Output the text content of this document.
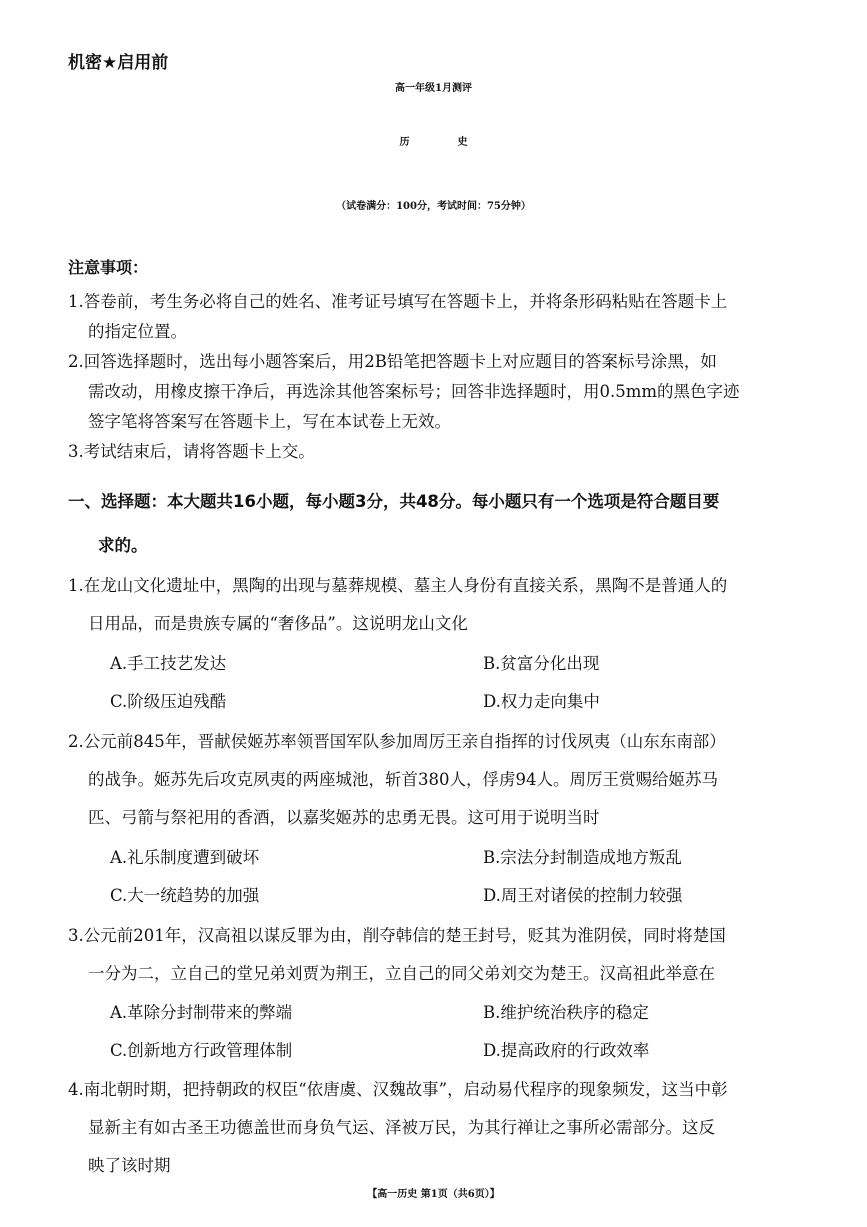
机密★启用前
高一年级1月测评
历史
（试卷满分：100分，考试时间：75分钟）
注意事项：
1.答卷前，考生务必将自己的姓名、准考证号填写在答题卡上，并将条形码粘贴在答题卡上
的指定位置。
2.回答选择题时，选出每小题答案后，用2B铅笔把答题卡上对应题目的答案标号涂黑，如
需改动，用橡皮擦干净后，再选涂其他答案标号；回答非选择题时，用0.5mm的黑色字迹
签字笔将答案写在答题卡上，写在本试卷上无效。
3.考试结束后，请将答题卡上交。
一、选择题：本大题共16小题，每小题3分，共48分。每小题只有一个选项是符合题目要
求的。
1.在龙山文化遗址中，黑陶的出现与墓葬规模、墓主人身份有直接关系，黑陶不是普通人的
日用品，而是贵族专属的“奢侈品”。这说明龙山文化
A.手工技艺发达	B.贫富分化出现
C.阶级压迫残酷	D.权力走向集中
2.公元前845年，晋献侯姬苏率领晋国军队参加周厉王亲自指挥的讨伐夙夷（山东东南部）
的战争。姬苏先后攻克夙夷的两座城池，斩首380人，俘虏94人。周厉王赏赐给姬苏马
匹、弓箭与祭祀用的香酒，以嘉奖姬苏的忠勇无畏。这可用于说明当时
A.礼乐制度遭到破坏	B.宗法分封制造成地方叛乱
C.大一统趋势的加强	D.周王对诸侯的控制力较强
3.公元前201年，汉高祖以谋反罪为由，削夺韩信的楚王封号，贬其为淮阴侯，同时将楚国
一分为二，立自己的堂兄弟刘贾为荆王，立自己的同父弟刘交为楚王。汉高祖此举意在
A.革除分封制带来的弊端	B.维护统治秩序的稳定
C.创新地方行政管理体制	D.提高政府的行政效率
4.南北朝时期，把持朝政的权臣“依唐虞、汉魏故事”，启动易代程序的现象频发，这当中彰
显新主有如古圣王功德盖世而身负气运、泽被万民，为其行禅让之事所必需部分。这反
映了该时期
【高一历史 第1页（共6页）】
